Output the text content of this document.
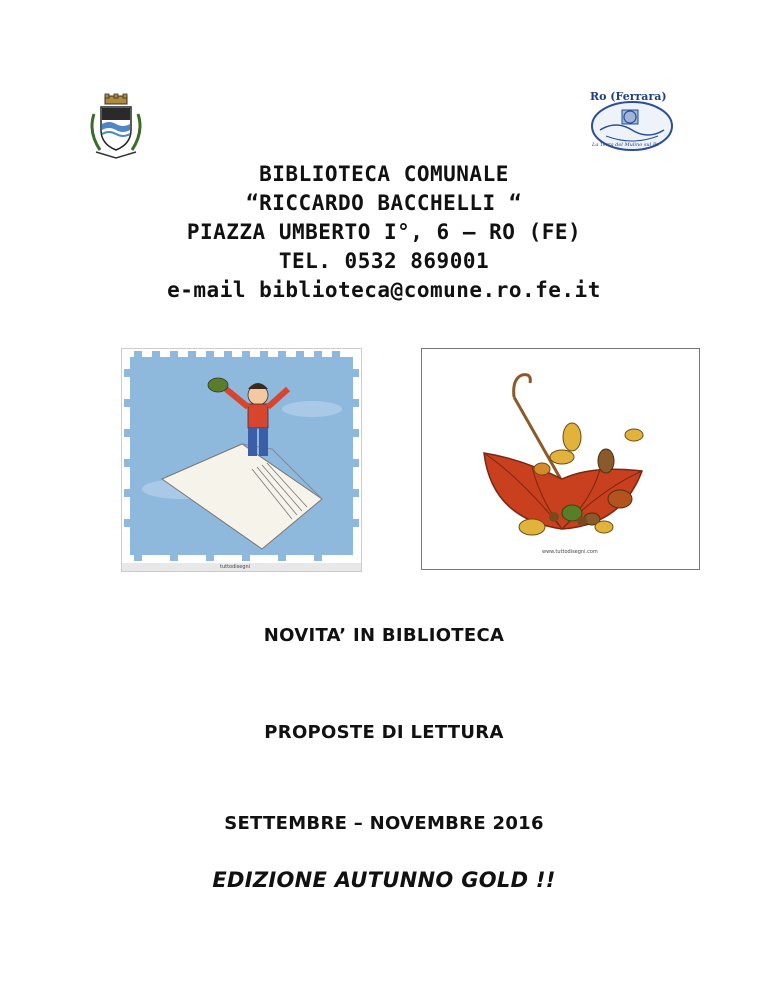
Ro (Ferrara)
La Terra del Mulino sul Po
BIBLIOTECA COMUNALE
“RICCARDO BACCHELLI “
PIAZZA UMBERTO I°, 6 – RO (FE)
TEL. 0532 869001
e-mail biblioteca@comune.ro.fe.it
tuttodisegni
www.tuttodisegni.com
NOVITA’ IN BIBLIOTECA
PROPOSTE DI LETTURA
SETTEMBRE – NOVEMBRE 2016
EDIZIONE AUTUNNO GOLD !!
